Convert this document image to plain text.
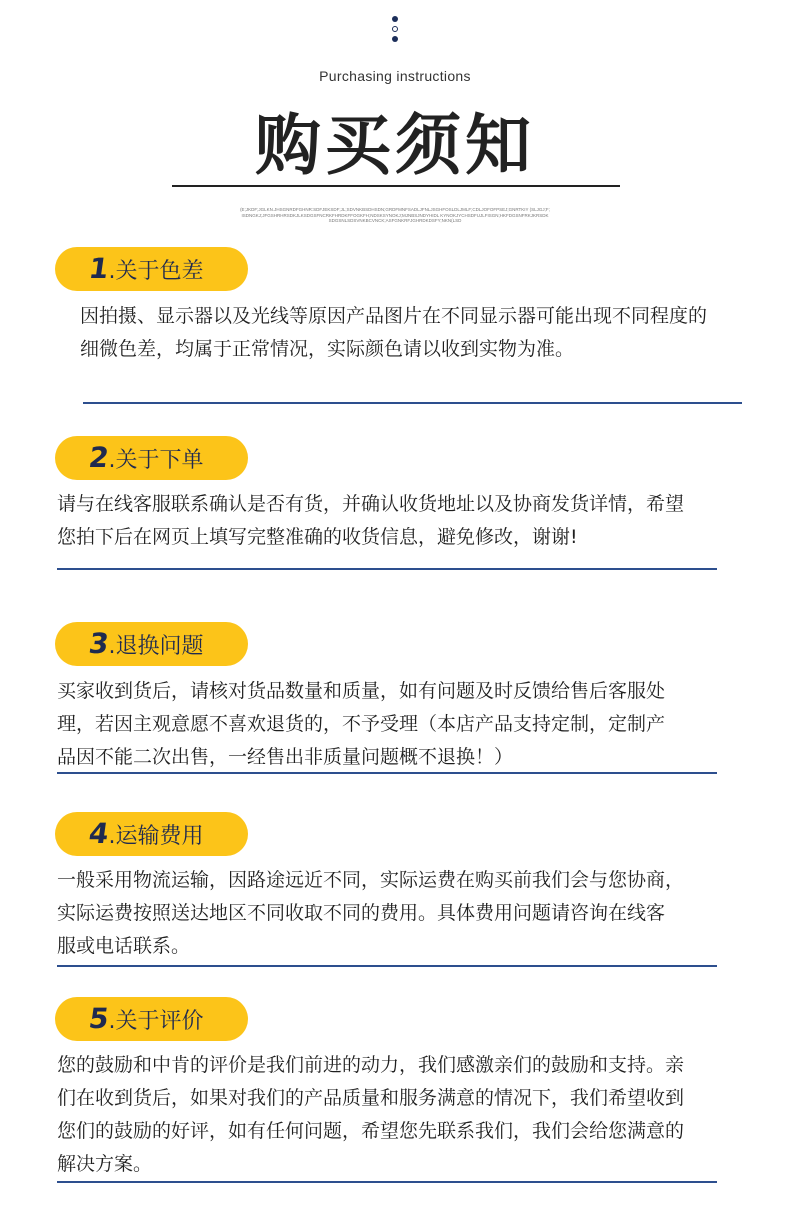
Purchasing instructions
购买须知
(E;JKDF;JGLKN.JHSGNRDFGHNR:SDFJEKSDF;JL;SDVNKBSDHSDN;GRDFMNFSADLJFNLJSGHFOSLDLJMLF;CDLJOFOFPSEJ;GNRTKIY (SLJGJ;F;ISDNGKJ;JFGSHRHRSDKJLKSDGSFNCRKFHRDKFFOGKFH;NDSKSYNOKJ;MJNBSJNDYHIDL KYNOKJYCHSDFUJLFISGN;HKFDGSNFRKJKRSDKSDGSNLSDSVNKBCVNCK;ASFGNKRFJGHRDKDSFY;NKN(LSD
1
.关于色差
因拍摄、显示器以及光线等原因产品图片在不同显示器可能出现不同程度的
细微色差，均属于正常情况，实际颜色请以收到实物为准。
2
.关于下单
请与在线客服联系确认是否有货，并确认收货地址以及协商发货详情，希望
您拍下后在网页上填写完整准确的收货信息，避免修改，谢谢!
3
.退换问题
买家收到货后，请核对货品数量和质量，如有问题及时反馈给售后客服处
理，若因主观意愿不喜欢退货的，不予受理（本店产品支持定制，定制产
品因不能二次出售，一经售出非质量问题概不退换！）
4
.运输费用
一般采用物流运输，因路途远近不同，实际运费在购买前我们会与您协商，
实际运费按照送达地区不同收取不同的费用。具体费用问题请咨询在线客
服或电话联系。
5
.关于评价
您的鼓励和中肯的评价是我们前进的动力，我们感激亲们的鼓励和支持。亲
们在收到货后，如果对我们的产品质量和服务满意的情况下，我们希望收到
您们的鼓励的好评，如有任何问题，希望您先联系我们，我们会给您满意的
解决方案。
